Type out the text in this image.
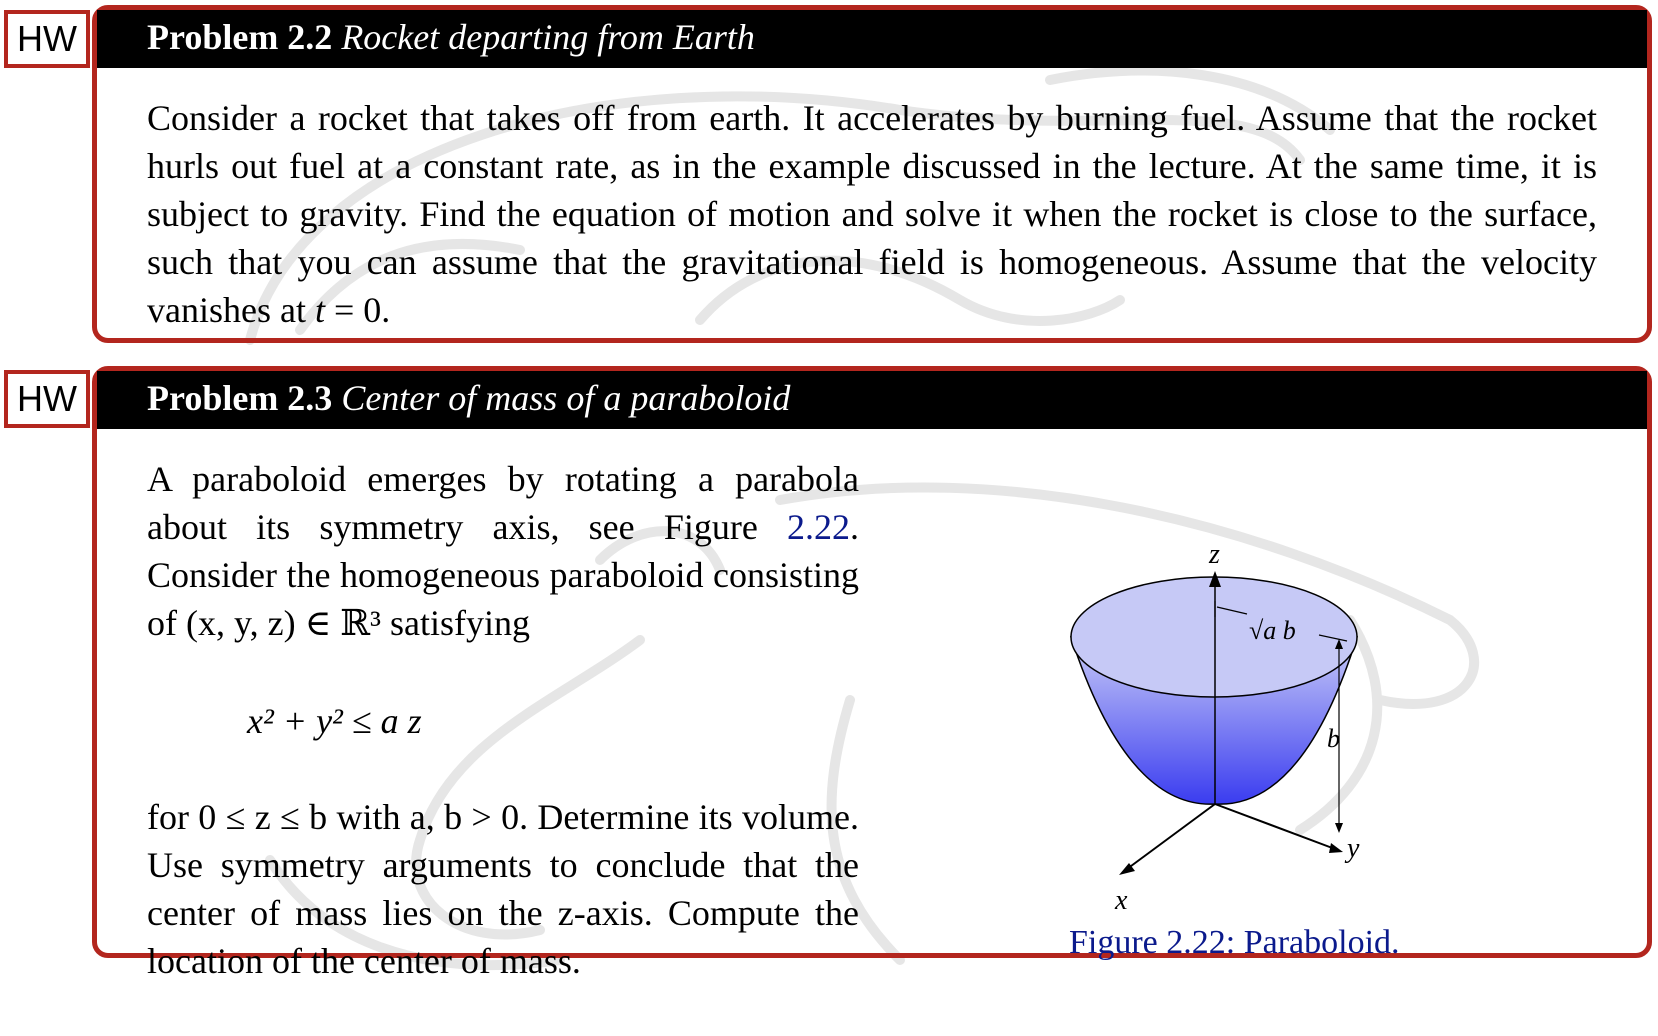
HW	Problem 2.2 Rocket departing from Earth

Consider a rocket that takes off from earth. It accelerates by burning fuel. Assume that the rocket hurls out fuel at a constant rate, as in the example discussed in the lecture. At the same time, it is subject to gravity. Find the equation of motion and solve it when the rocket is close to the surface, such that you can assume that the gravitational field is homogeneous. Assume that the velocity vanishes at t = 0.

HW	Problem 2.3 Center of mass of a paraboloid

A paraboloid emerges by rotating a parabola about its symmetry axis, see Figure 2.22. Consider the homogeneous paraboloid consisting of (x, y, z) ∈ ℝ³ satisfying

x² + y² ≤ a z

for 0 ≤ z ≤ b with a, b > 0. Determine its volume. Use symmetry arguments to conclude that the center of mass lies on the z-axis. Compute the location of the center of mass.

z
x
y
√a b
b
Figure 2.22: Paraboloid.
